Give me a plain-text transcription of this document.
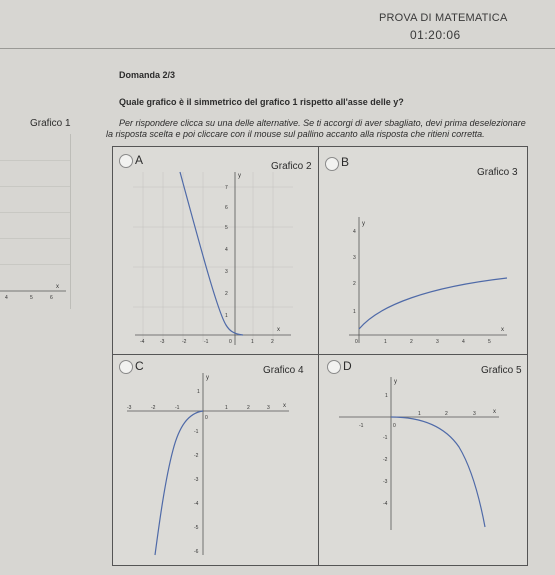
PROVA DI MATEMATICA
01:20:06
Domanda 2/3
Quale grafico è il simmetrico del grafico 1 rispetto all'asse delle y?
Per rispondere clicca su una delle alternative. Se ti accorgi di aver sbagliato, devi prima deselezionare
la risposta scelta e poi cliccare con il mouse sul pallino accanto alla risposta che ritieni corretta.
Grafico 1
4	5	6
x
A	Grafico 2
-4	-3	-2	-1	0	1	2
1
2
3
4
5
6
7
x
y
B
Grafico 3
0	1	2	3	4	5
1
2
3
4
x
y
C	Grafico 4
-3	-2	-1
0
1	2	3
1
-1
-2
-3
-4
-5
-6
x
y
D	Grafico 5
-1	0
1	2	3
1
-1
-2
-3
-4
x
y
